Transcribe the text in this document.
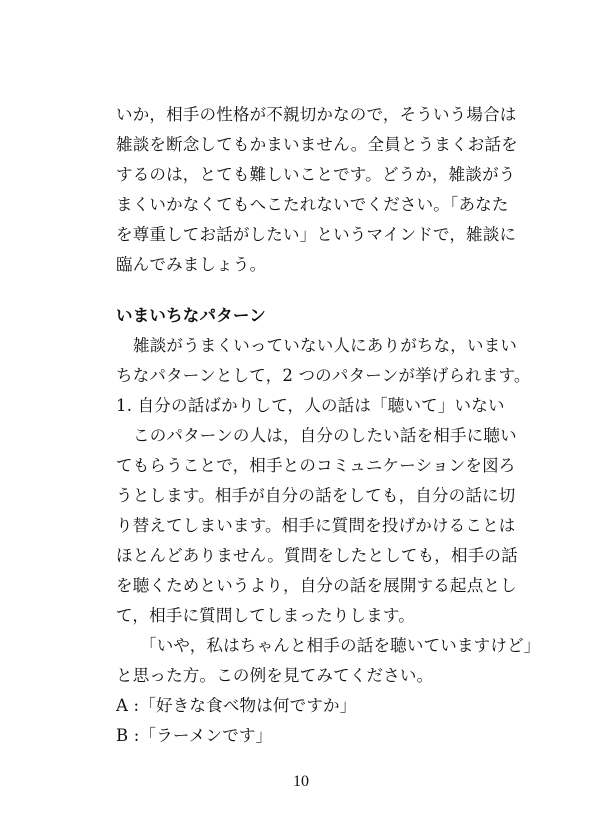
いか，相手の性格が不親切かなので，そういう場合は
雑談を断念してもかまいません。全員とうまくお話を
するのは，とても難しいことです。どうか，雑談がう
まくいかなくてもへこたれないでください。「あなた
を尊重してお話がしたい」というマインドで，雑談に
臨んでみましょう。
いまいちなパターン
雑談がうまくいっていない人にありがちな，いまい
ちなパターンとして，2 つのパターンが挙げられます。
1. 自分の話ばかりして，人の話は「聴いて」いない
このパターンの人は，自分のしたい話を相手に聴い
てもらうことで，相手とのコミュニケーションを図ろ
うとします。相手が自分の話をしても，自分の話に切
り替えてしまいます。相手に質問を投げかけることは
ほとんどありません。質問をしたとしても，相手の話
を聴くためというより，自分の話を展開する起点とし
て，相手に質問してしまったりします。
「いや，私はちゃんと相手の話を聴いていますけど」
と思った方。この例を見てみてください。
A :「好きな食べ物は何ですか」
B :「ラーメンです」
10
